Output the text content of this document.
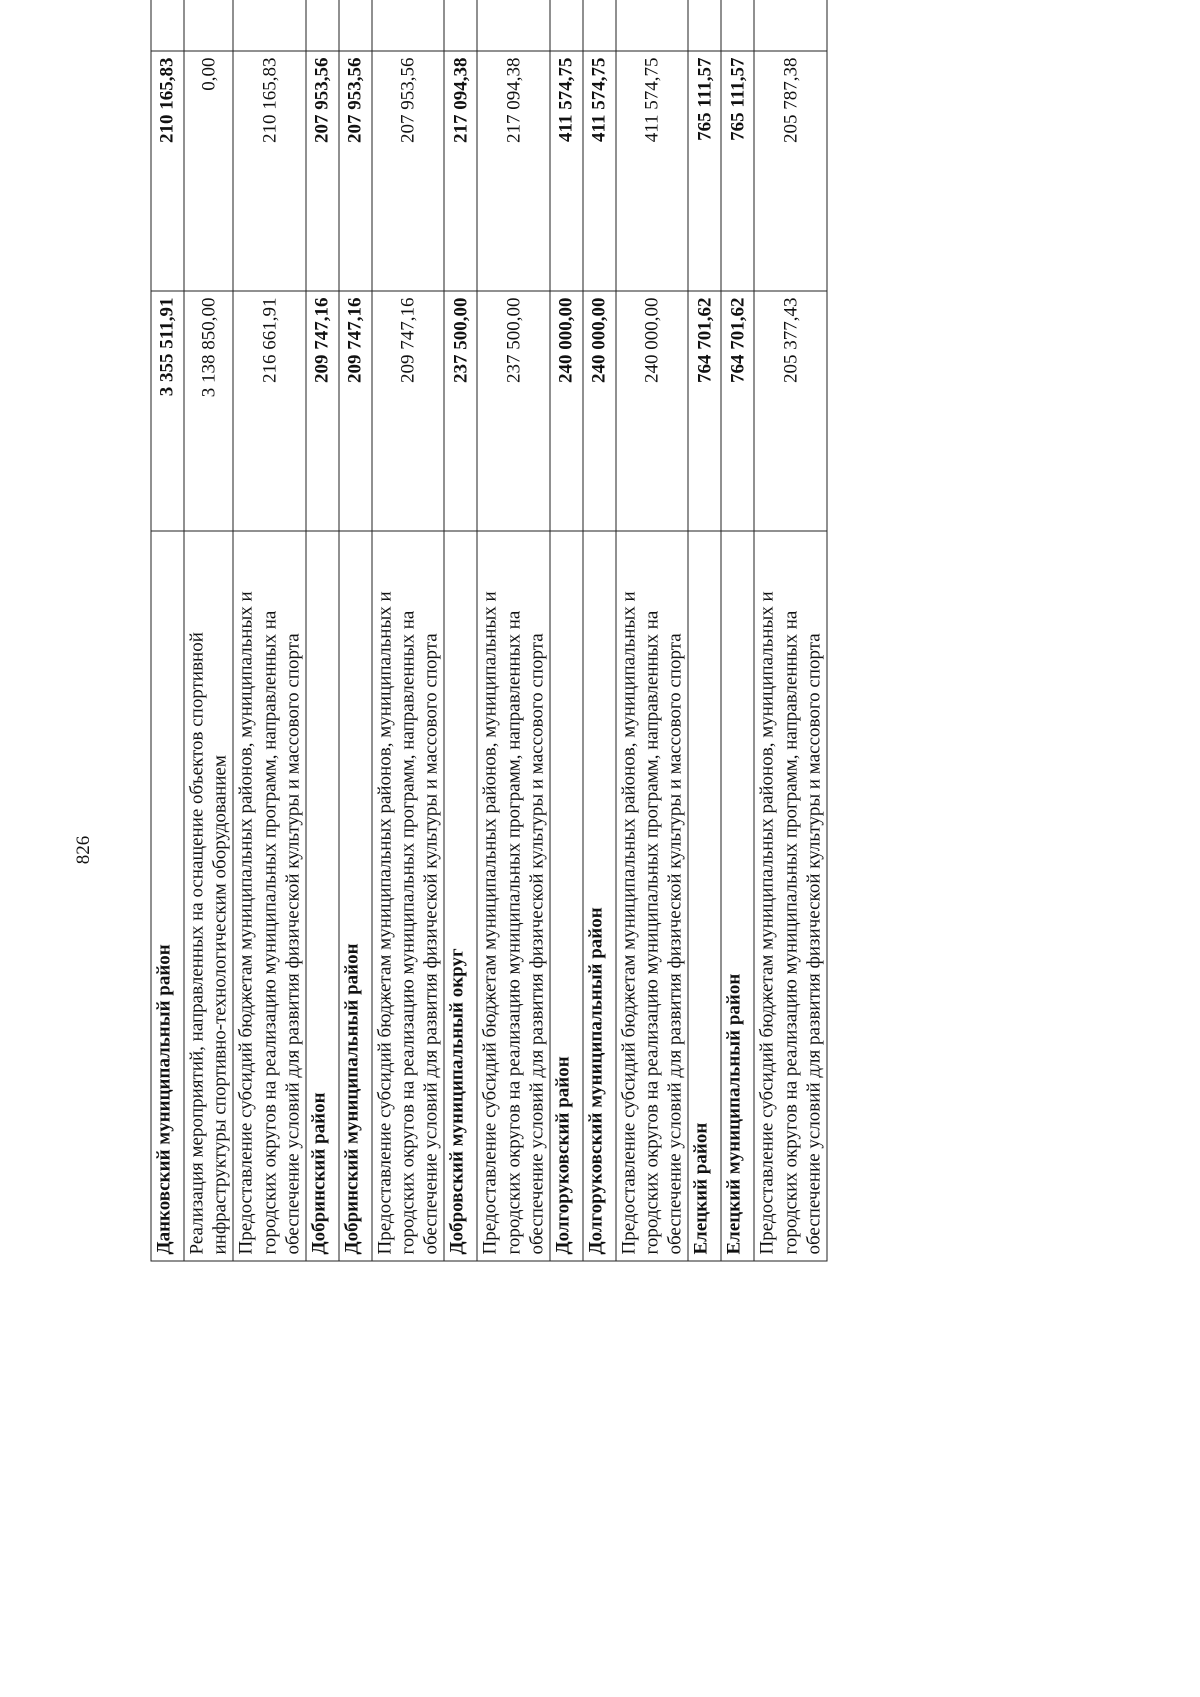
826
Данковский муниципальный район	3 355 511,91	210 165,83	
Реализация мероприятий, направленных на оснащение объектов спортивной инфраструктуры спортивно-технологическим оборудованием	3 138 850,00	0,00	
Предоставление субсидий бюджетам муниципальных районов, муниципальных и городских округов на реализацию муниципальных программ, направленных на обеспечение условий для развития физической культуры и массового спорта	216 661,91	210 165,83	
Добринский район	209 747,16	207 953,56	
Добринский муниципальный район	209 747,16	207 953,56	
Предоставление субсидий бюджетам муниципальных районов, муниципальных и городских округов на реализацию муниципальных программ, направленных на обеспечение условий для развития физической культуры и массового спорта	209 747,16	207 953,56	
Добровский муниципальный округ	237 500,00	217 094,38	
Предоставление субсидий бюджетам муниципальных районов, муниципальных и городских округов на реализацию муниципальных программ, направленных на обеспечение условий для развития физической культуры и массового спорта	237 500,00	217 094,38	
Долгоруковский район	240 000,00	411 574,75	
Долгоруковский муниципальный район	240 000,00	411 574,75	
Предоставление субсидий бюджетам муниципальных районов, муниципальных и городских округов на реализацию муниципальных программ, направленных на обеспечение условий для развития физической культуры и массового спорта	240 000,00	411 574,75	
Елецкий район	764 701,62	765 111,57	
Елецкий муниципальный район	764 701,62	765 111,57	
Предоставление субсидий бюджетам муниципальных районов, муниципальных и городских округов на реализацию муниципальных программ, направленных на обеспечение условий для развития физической культуры и массового спорта	205 377,43	205 787,38	
